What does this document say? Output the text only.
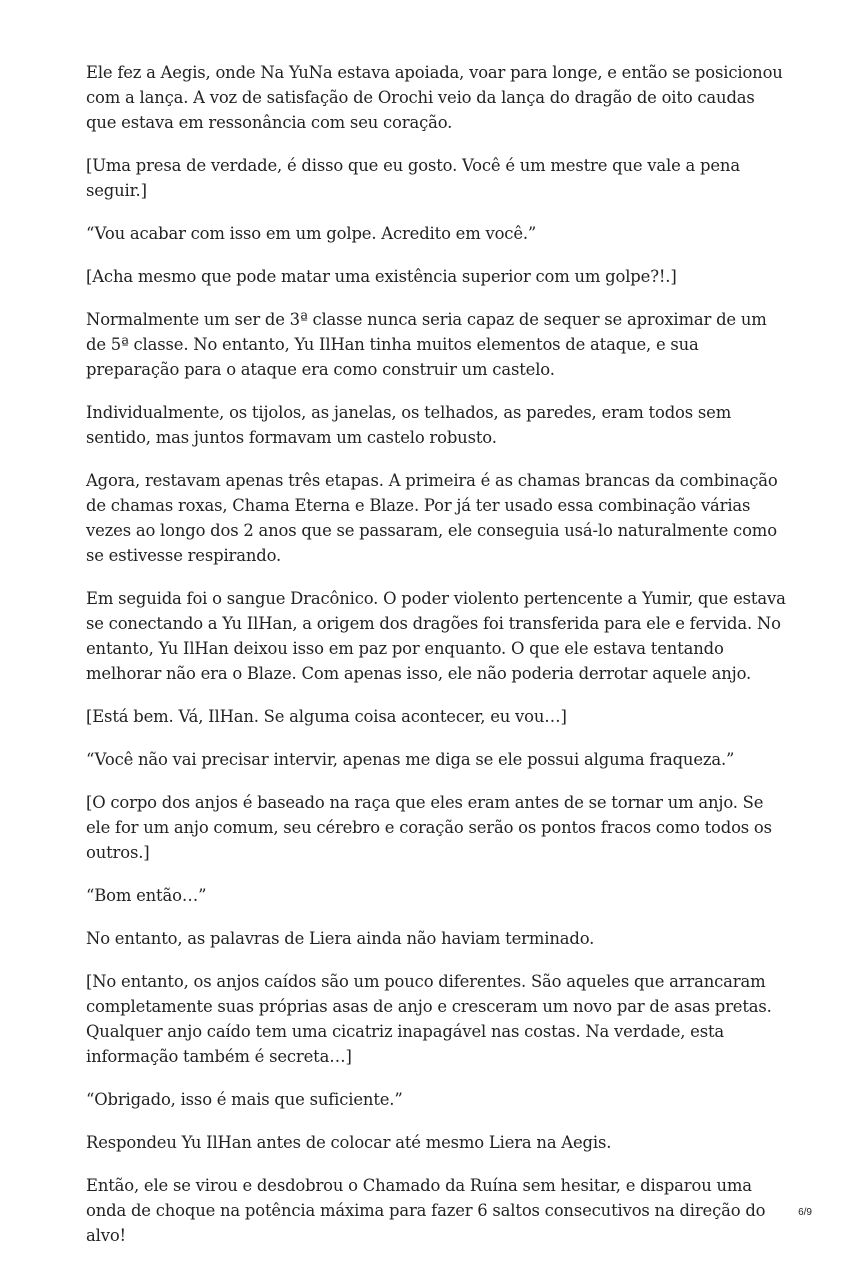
Ele fez a Aegis, onde Na YuNa estava apoiada, voar para longe, e então se posicionou com a lança. A voz de satisfação de Orochi veio da lança do dragão de oito caudas que estava em ressonância com seu coração.

[Uma presa de verdade, é disso que eu gosto. Você é um mestre que vale a pena seguir.]

“Vou acabar com isso em um golpe. Acredito em você.”

[Acha mesmo que pode matar uma existência superior com um golpe?!.]

Normalmente um ser de 3ª classe nunca seria capaz de sequer se aproximar de um de 5ª classe. No entanto, Yu IlHan tinha muitos elementos de ataque, e sua preparação para o ataque era como construir um castelo.

Individualmente, os tijolos, as janelas, os telhados, as paredes, eram todos sem sentido, mas juntos formavam um castelo robusto.

Agora, restavam apenas três etapas. A primeira é as chamas brancas da combinação de chamas roxas, Chama Eterna e Blaze. Por já ter usado essa combinação várias vezes ao longo dos 2 anos que se passaram, ele conseguia usá-lo naturalmente como se estivesse respirando.

Em seguida foi o sangue Dracônico. O poder violento pertencente a Yumir, que estava se conectando a Yu IlHan, a origem dos dragões foi transferida para ele e fervida. No entanto, Yu IlHan deixou isso em paz por enquanto. O que ele estava tentando melhorar não era o Blaze. Com apenas isso, ele não poderia derrotar aquele anjo.

[Está bem. Vá, IlHan. Se alguma coisa acontecer, eu vou…]

“Você não vai precisar intervir, apenas me diga se ele possui alguma fraqueza.”

[O corpo dos anjos é baseado na raça que eles eram antes de se tornar um anjo. Se ele for um anjo comum, seu cérebro e coração serão os pontos fracos como todos os outros.]

“Bom então…”

No entanto, as palavras de Liera ainda não haviam terminado.

[No entanto, os anjos caídos são um pouco diferentes. São aqueles que arrancaram completamente suas próprias asas de anjo e cresceram um novo par de asas pretas. Qualquer anjo caído tem uma cicatriz inapagável nas costas. Na verdade, esta informação também é secreta…]

“Obrigado, isso é mais que suficiente.”

Respondeu Yu IlHan antes de colocar até mesmo Liera na Aegis.

Então, ele se virou e desdobrou o Chamado da Ruína sem hesitar, e disparou uma onda de choque na potência máxima para fazer 6 saltos consecutivos na direção do alvo!

6/9
